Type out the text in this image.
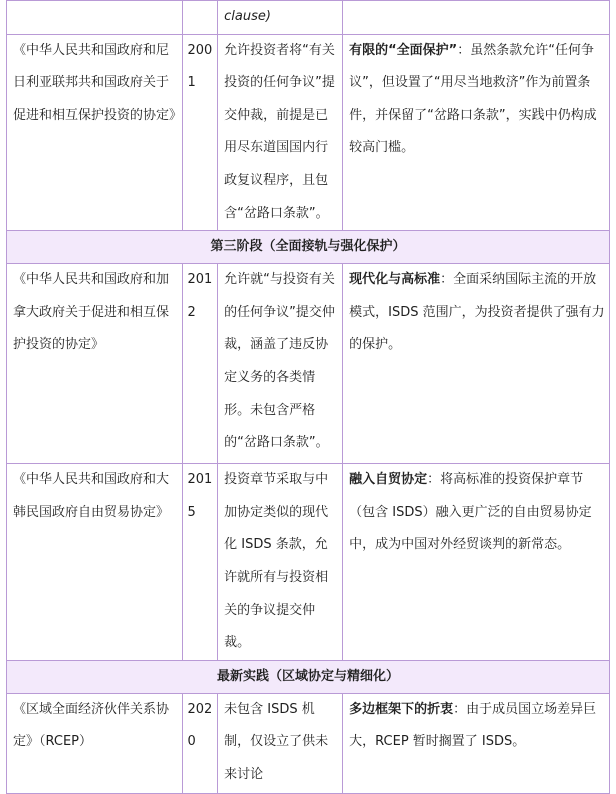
		clause)	
《中华人民共和国政府和尼日利亚联邦共和国政府关于促进和相互保护投资的协定》	2001	允许投资者将“有关投资的任何争议”提交仲裁，前提是已用尽东道国国内行政复议程序，且包含“岔路口条款”。	有限的“全面保护”：虽然条款允许“任何争议”，但设置了“用尽当地救济”作为前置条件，并保留了“岔路口条款”，实践中仍构成较高门槛。
第三阶段（全面接轨与强化保护）			
《中华人民共和国政府和加拿大政府关于促进和相互保护投资的协定》	2012	允许就“与投资有关的任何争议”提交仲裁，涵盖了违反协定义务的各类情形。未包含严格的“岔路口条款”。	现代化与高标准：全面采纳国际主流的开放模式，ISDS 范围广，为投资者提供了强有力的保护。
《中华人民共和国政府和大韩民国政府自由贸易协定》	2015	投资章节采取与中加协定类似的现代化 ISDS 条款，允许就所有与投资相关的争议提交仲裁。	融入自贸协定：将高标准的投资保护章节（包含 ISDS）融入更广泛的自由贸易协定中，成为中国对外经贸谈判的新常态。
最新实践（区域协定与精细化）			
《区域全面经济伙伴关系协定》（RCEP）	2020	未包含 ISDS 机制，仅设立了供未来讨论	多边框架下的折衷：由于成员国立场差异巨大，RCEP 暂时搁置了 ISDS。
